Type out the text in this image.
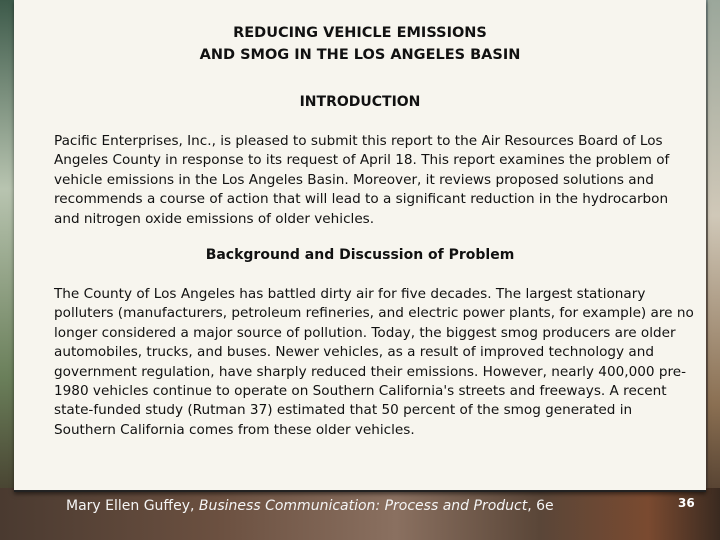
REDUCING VEHICLE EMISSIONS
AND SMOG IN THE LOS ANGELES BASIN
INTRODUCTION
Pacific Enterprises, Inc., is pleased to submit this report to the Air Resources Board of Los Angeles County in response to its request of April 18. This report examines the problem of vehicle emissions in the Los Angeles Basin. Moreover, it reviews proposed solutions and recommends a course of action that will lead to a significant reduction in the hydrocarbon and nitrogen oxide emissions of older vehicles.
Background and Discussion of Problem
The County of Los Angeles has battled dirty air for five decades. The largest stationary polluters (manufacturers, petroleum refineries, and electric power plants, for example) are no longer considered a major source of pollution. Today, the biggest smog producers are older automobiles, trucks, and buses. Newer vehicles, as a result of improved technology and government regulation, have sharply reduced their emissions. However, nearly 400,000 pre-1980 vehicles continue to operate on Southern California's streets and freeways. A recent state-funded study (Rutman 37) estimated that 50 percent of the smog generated in Southern California comes from these older vehicles.
Mary Ellen Guffey, Business Communication: Process and Product, 6e	36
